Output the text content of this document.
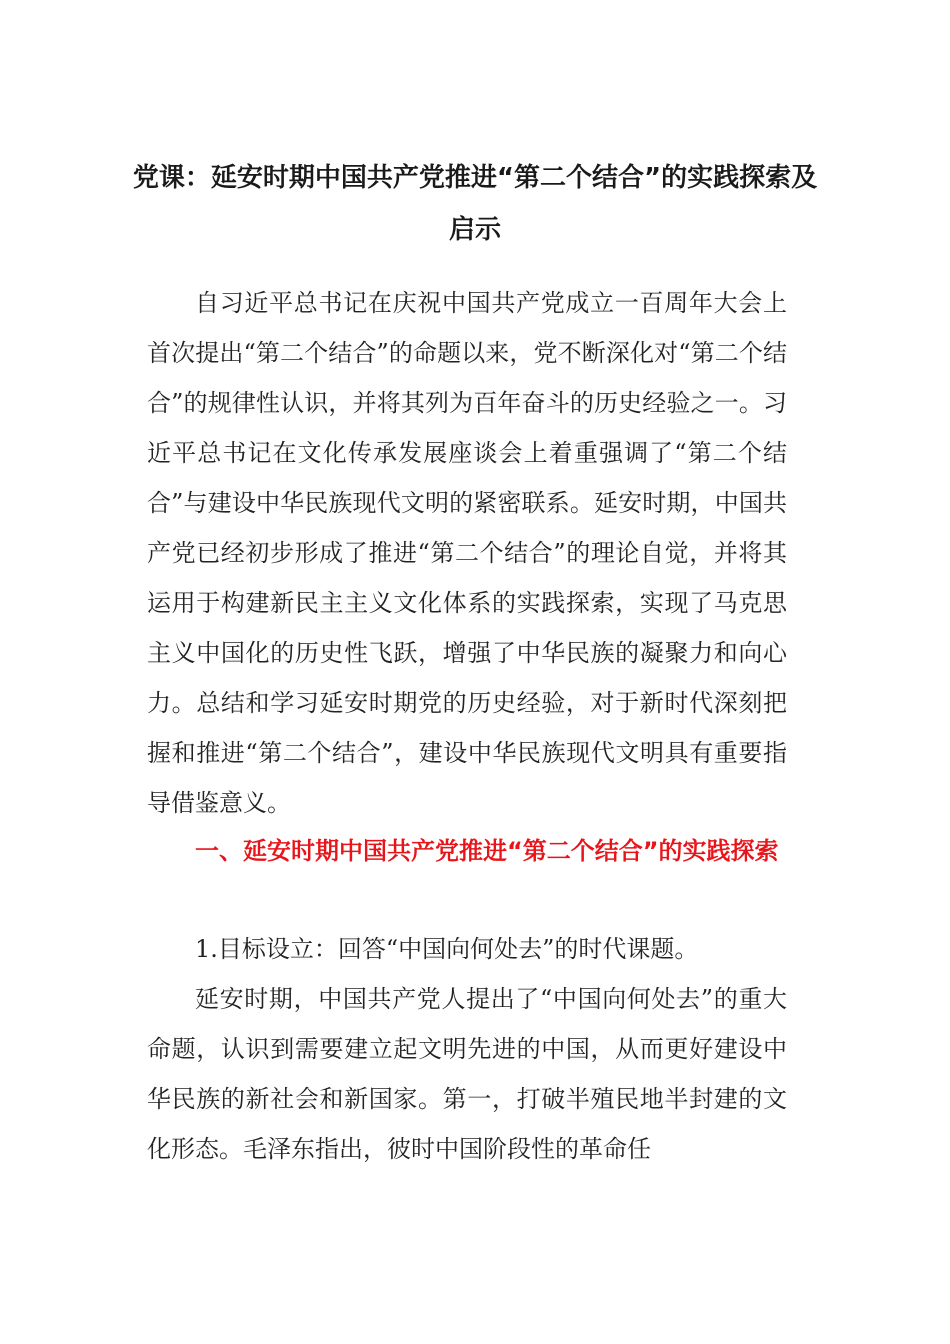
党课：延安时期中国共产党推进“第二个结合”的实践探索及启示

自习近平总书记在庆祝中国共产党成立一百周年大会上首次提出“第二个结合”的命题以来，党不断深化对“第二个结合”的规律性认识，并将其列为百年奋斗的历史经验之一。习近平总书记在文化传承发展座谈会上着重强调了“第二个结合”与建设中华民族现代文明的紧密联系。延安时期，中国共产党已经初步形成了推进“第二个结合”的理论自觉，并将其运用于构建新民主主义文化体系的实践探索，实现了马克思主义中国化的历史性飞跃，增强了中华民族的凝聚力和向心力。总结和学习延安时期党的历史经验，对于新时代深刻把握和推进“第二个结合”，建设中华民族现代文明具有重要指导借鉴意义。

一、延安时期中国共产党推进“第二个结合”的实践探索

1.目标设立：回答“中国向何处去”的时代课题。

延安时期，中国共产党人提出了“中国向何处去”的重大命题，认识到需要建立起文明先进的中国，从而更好建设中华民族的新社会和新国家。第一，打破半殖民地半封建的文化形态。毛泽东指出，彼时中国阶段性的革命任
